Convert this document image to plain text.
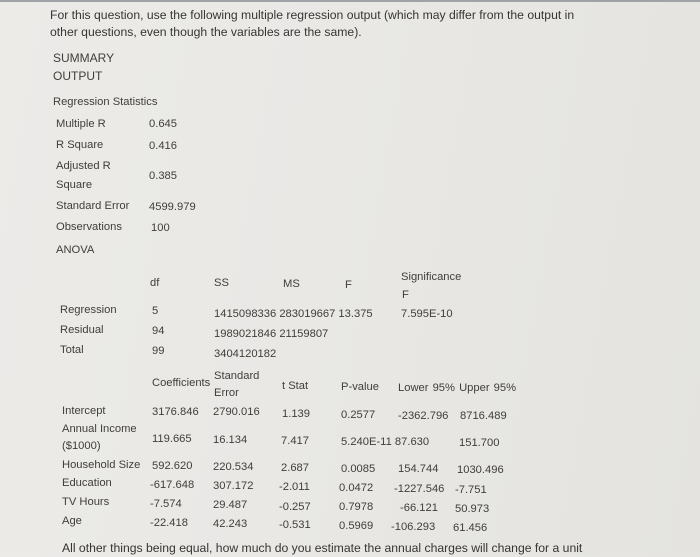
For this question, use the following multiple regression output (which may differ from the output in
other questions, even though the variables are the same).
SUMMARY
OUTPUT
Regression Statistics
Multiple R	0.645
R Square	0.416
Adjusted R
Square
0.385
Standard Error 4599.979
Observations	100
ANOVA
df	SS	MS	F
Significance
F
Regression	5	1415098336 283019667 13.375	7.595E-10
Residual	94	1989021846 21159807
Total	99	3404120182
Coefficients
Standard
Error
t Stat	P-value Lower 95% Upper 95%
Intercept	3176.846 2790.016 1.139	0.2577 -2362.796 8716.489
Annual Income
($1000)
119.665 16.134	7.417	5.240E-11 87.630	151.700
Household Size 592.620 220.534 2.687	0.0085 154.744 1030.496
Education	-617.648 307.172 -2.011	0.0472 -1227.546 -7.751
TV Hours	-7.574	29.487	-0.257	0.7978 -66.121 50.973
Age	-22.418 42.243	-0.531	0.5969 -106.293 61.456
All other things being equal, how much do you estimate the annual charges will change for a unit
